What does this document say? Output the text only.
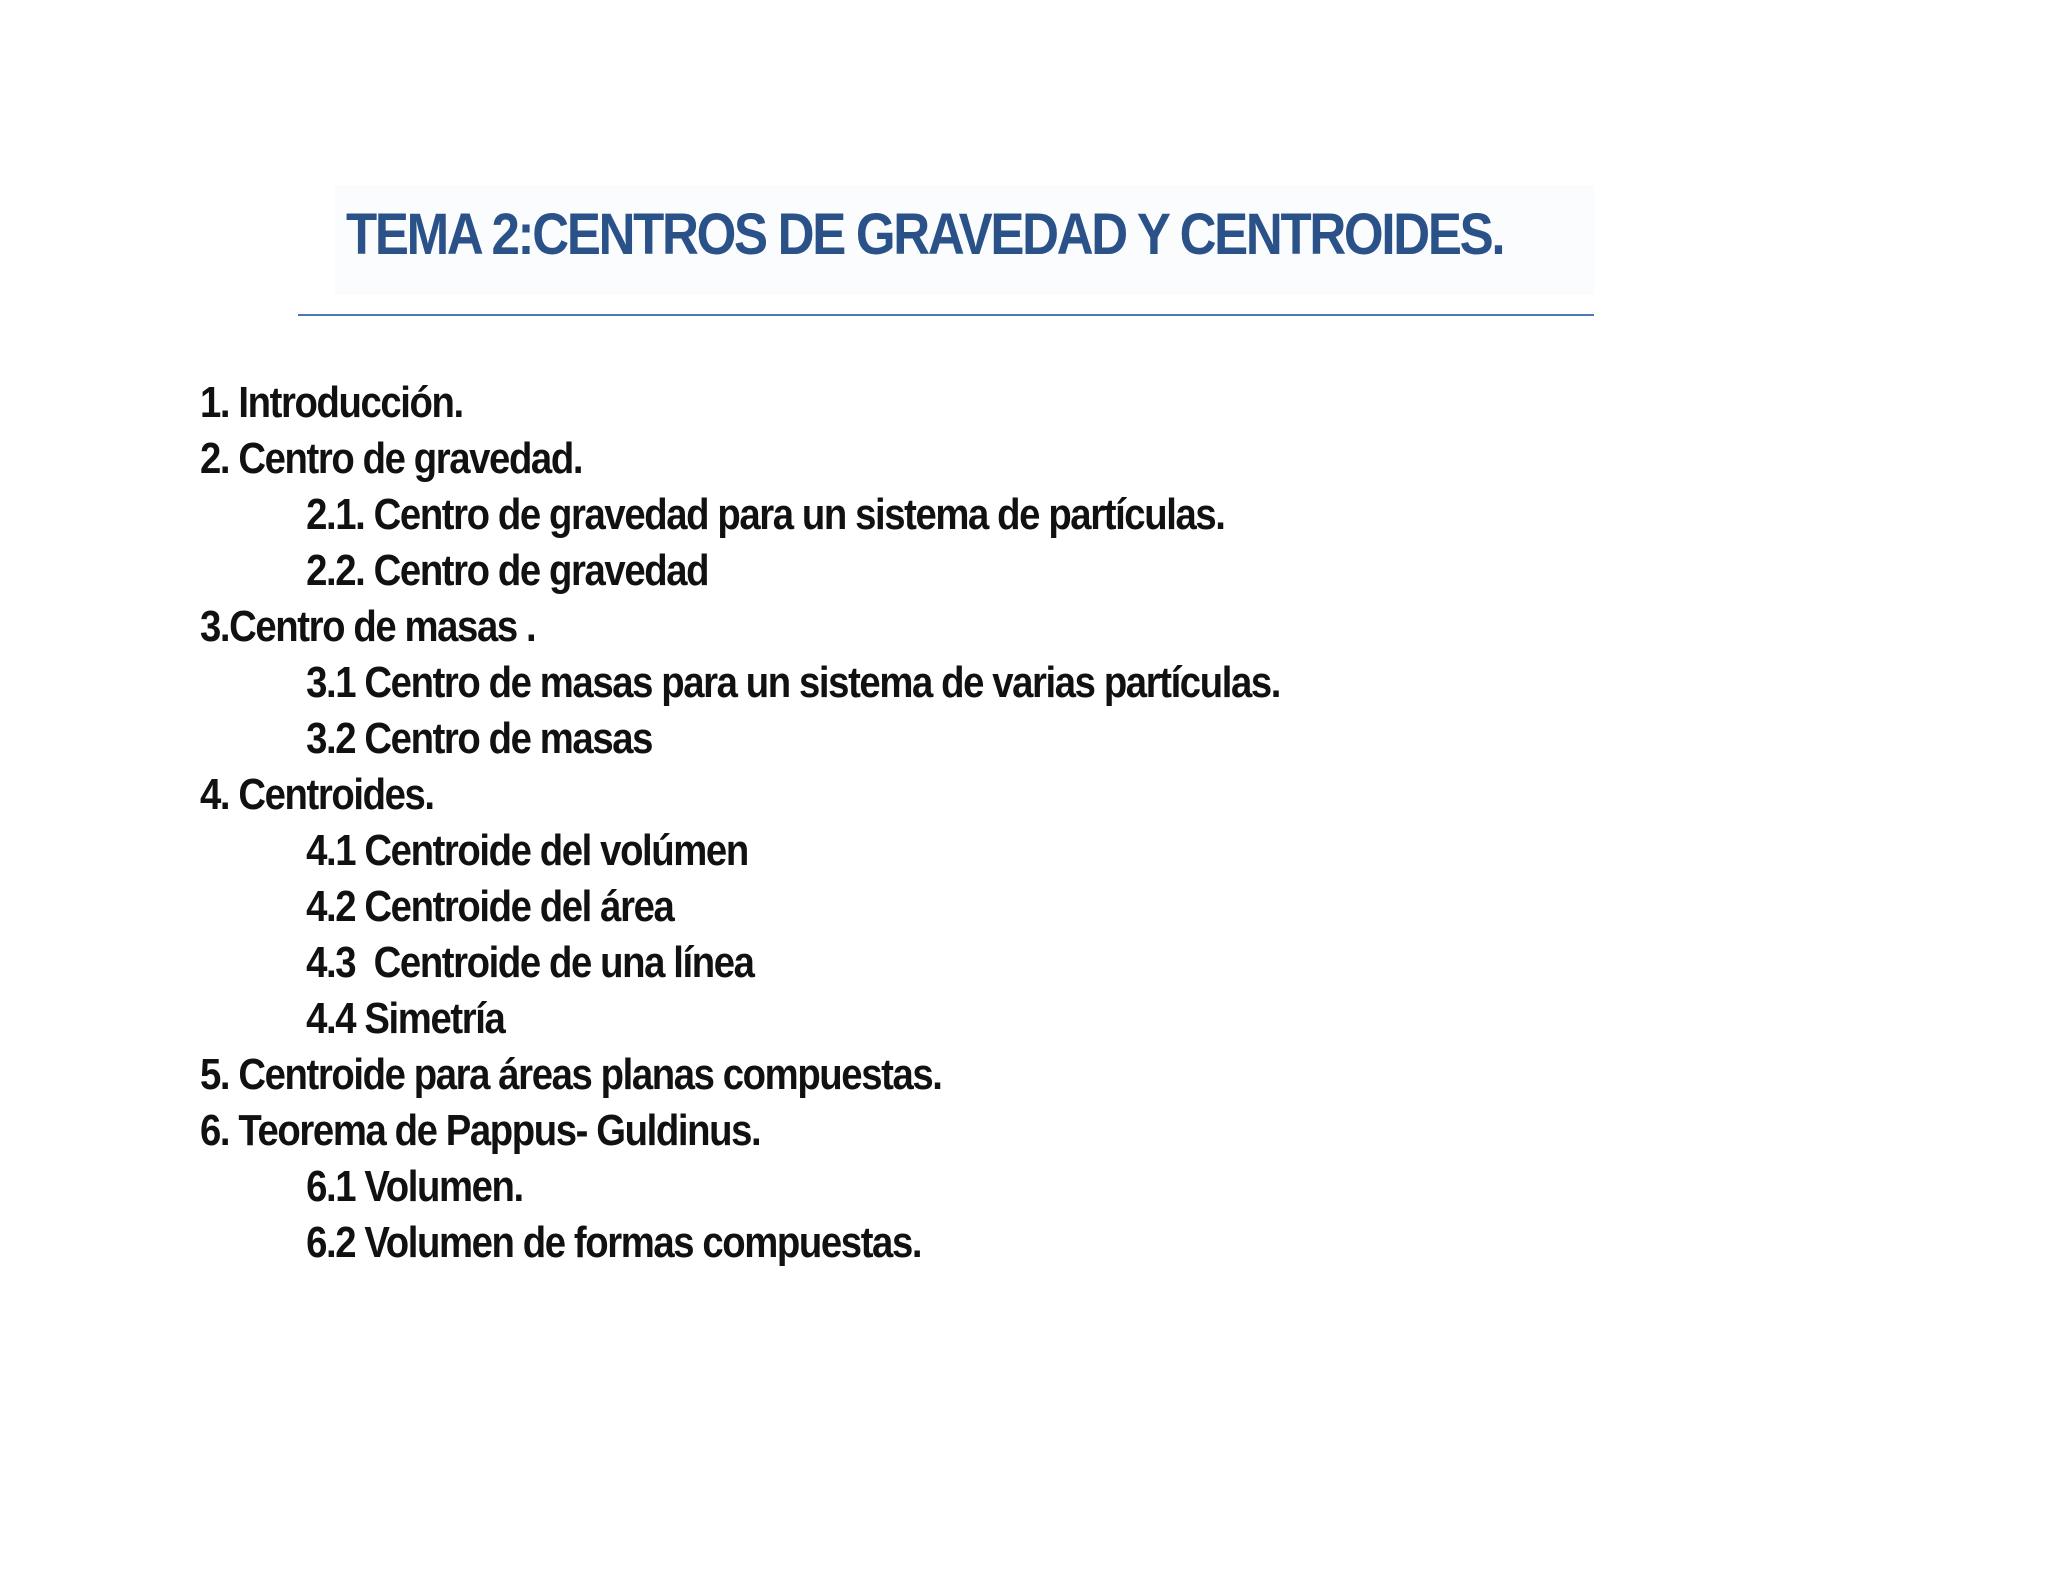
TEMA 2:CENTROS DE GRAVEDAD Y CENTROIDES.
1. Introducción.
2. Centro de gravedad.
2.1. Centro de gravedad para un sistema de partículas.
2.2. Centro de gravedad
3.Centro de masas .
3.1 Centro de masas para un sistema de varias partículas.
3.2 Centro de masas
4. Centroides.
4.1 Centroide del volúmen
4.2 Centroide del área
4.3  Centroide de una línea
4.4 Simetría
5. Centroide para áreas planas compuestas.
6. Teorema de Pappus- Guldinus.
6.1 Volumen.
6.2 Volumen de formas compuestas.
